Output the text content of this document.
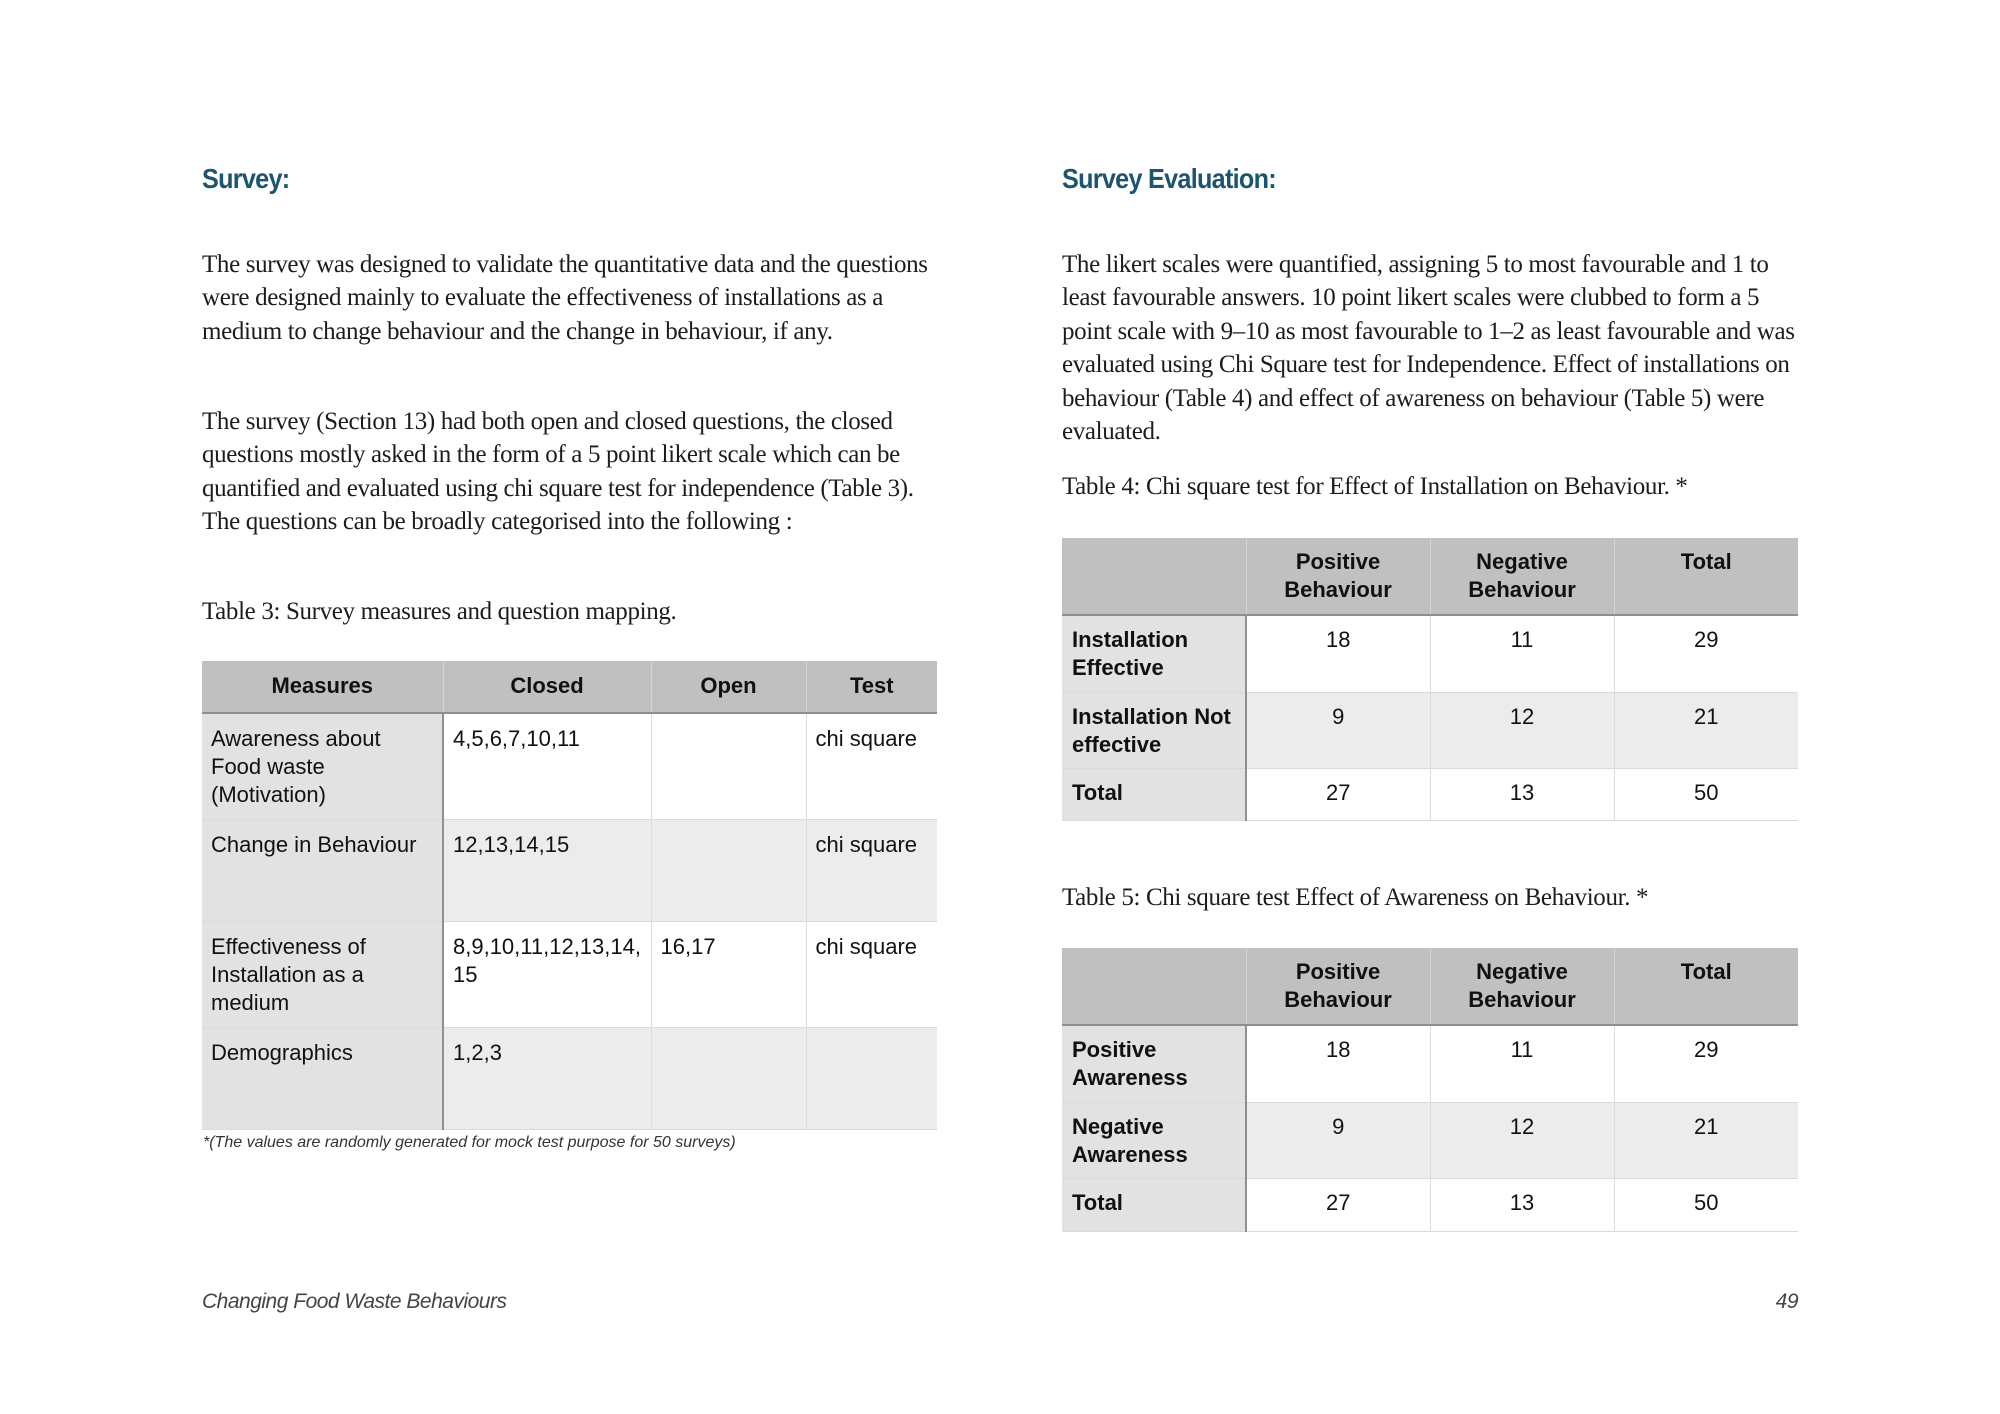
Survey:

The survey was designed to validate the quantitative data and the questions were designed mainly to evaluate the effectiveness of installations as a medium to change behaviour and the change in behaviour, if any.

The survey (Section 13) had both open and closed questions, the closed questions mostly asked in the form of a 5 point likert scale which can be quantified and evaluated using chi square test for independence (Table 3). The questions can be broadly categorised into the following :

Table 3: Survey measures and question mapping.
Measures	Closed	Open	Test

Awareness about Food waste (Motivation)	4,5,6,7,10,11		chi square

Change in Behaviour	12,13,14,15		chi square

Effectiveness of Installation as a medium	8,9,10,11,12,13,14,15	16,17	chi square

Demographics	1,2,3		

*(The values are randomly generated for mock test purpose for 50 surveys)
Survey Evaluation:

The likert scales were quantified, assigning 5 to most favourable and 1 to least favourable answers. 10 point likert scales were clubbed to form a 5 point scale with 9–10 as most favourable to 1–2 as least favourable and was evaluated using Chi Square test for Independence. Effect of installations on behaviour (Table 4) and effect of awareness on behaviour (Table 5) were evaluated.

Table 4: Chi square test for Effect of Installation on Behaviour. *

	Positive Behaviour	Negative Behaviour	Total

Installation Effective	18	11	29

Installation Not effective	9	12	21

Total	27	13	50
Table 5: Chi square test Effect of Awareness on Behaviour. *

	Positive Behaviour	Negative Behaviour	Total

Positive Awareness	18	11	29

Negative Awareness	9	12	21

Total	27	13	50
Changing Food Waste Behaviours	49
